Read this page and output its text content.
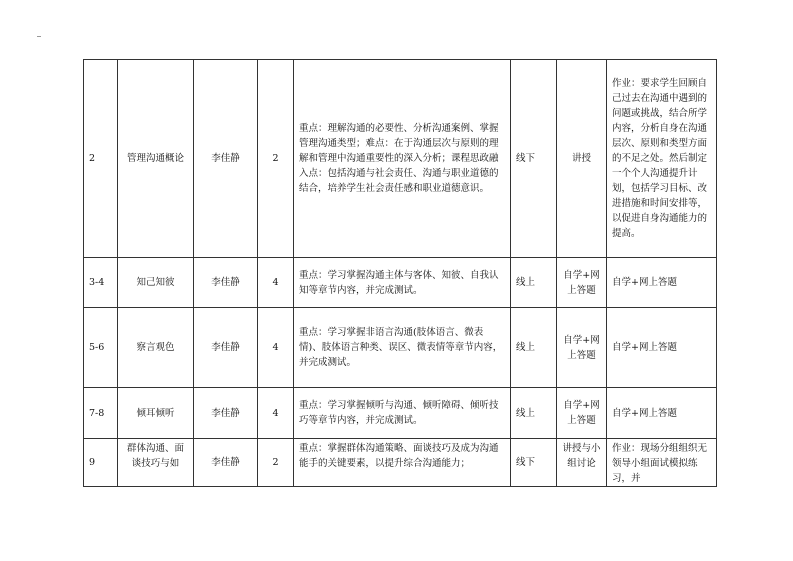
2	管理沟通概论	李佳静	2	重点：理解沟通的必要性、分析沟通案例、掌握管理沟通类型；难点：在于沟通层次与原则的理解和管理中沟通重要性的深入分析；课程思政融入点：包括沟通与社会责任、沟通与职业道德的结合，培养学生社会责任感和职业道德意识。	线下	讲授	作业：要求学生回顾自己过去在沟通中遇到的问题或挑战，结合所学内容，分析自身在沟通层次、原则和类型方面的不足之处。然后制定一个个人沟通提升计划，包括学习目标、改进措施和时间安排等，以促进自身沟通能力的提高。
3-4	知己知彼	李佳静	4	重点：学习掌握沟通主体与客体、知彼、自我认知等章节内容，并完成测试。	线上	自学+网上答题	自学+网上答题
5-6	察言观色	李佳静	4	重点：学习掌握非语言沟通(肢体语言、微表情)、肢体语言种类、误区、微表情等章节内容，并完成测试。	线上	自学+网上答题	自学+网上答题
7-8	倾耳倾听	李佳静	4	重点：学习掌握倾听与沟通、倾听障碍、倾听技巧等章节内容，并完成测试。	线上	自学+网上答题	自学+网上答题
9	群体沟通、面谈技巧与如	李佳静	2	重点：掌握群体沟通策略、面谈技巧及成为沟通能手的关键要素，以提升综合沟通能力；	线下	讲授与小组讨论	作业：现场分组组织无领导小组面试模拟练习，并
